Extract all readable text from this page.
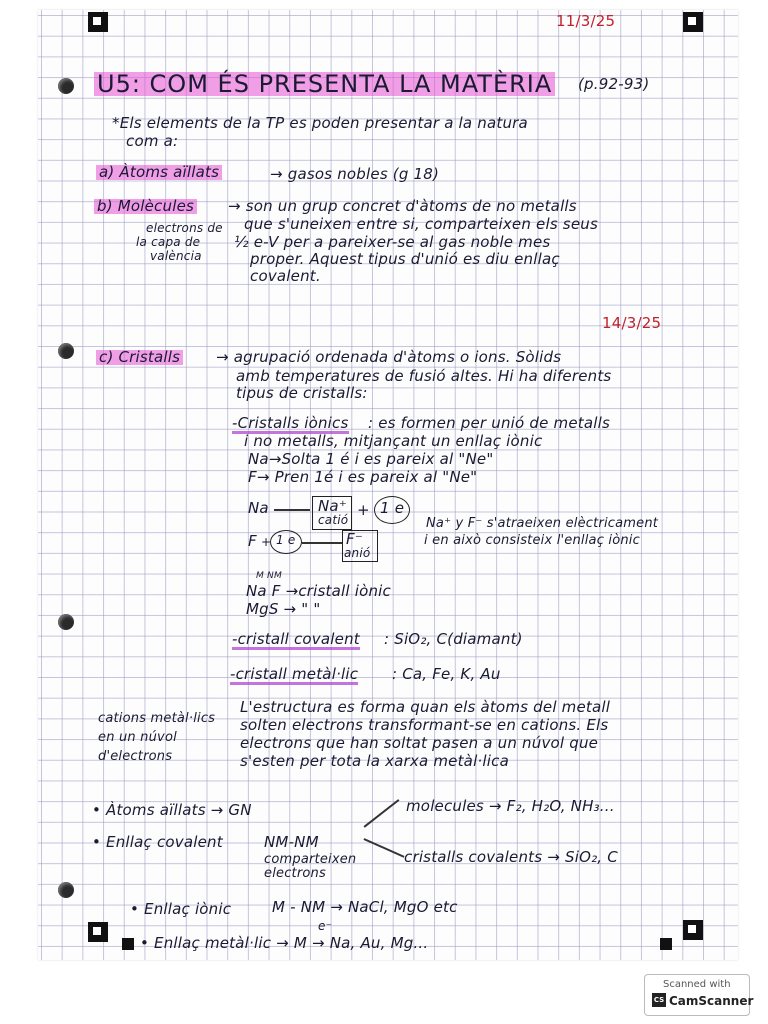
11/3/25
U5: COM ÉS PRESENTA LA MATÈRIA (p.92-93)
*Els elements de la TP es poden presentar a la natura
com a:
a) Àtoms aïllats	→ gasos nobles (g 18)
b) Molècules → son un grup concret d'àtoms de no metalls
que s'uneixen entre si, comparteixen els seus
½ e-V per a pareixer-se al gas noble mes
proper. Aquest tipus d'unió es diu enllaç
covalent.
electrons de
la capa de
valència
14/3/25
c) Cristalls → agrupació ordenada d'àtoms o ions. Sòlids
amb temperatures de fusió altes. Hi ha diferents
tipus de cristalls:
-Cristalls iònics : es formen per unió de metalls
i no metalls, mitjançant un enllaç iònic
Na→Solta 1 é i es pareix al "Ne"
F→ Pren 1é i es pareix al "Ne"
Na	Na⁺
catió
+ 1 e
F + 1 e	F⁻
anió
Na⁺ y F⁻ s'atraeixen elèctricament
i en això consisteix l'enllaç iònic
M NM
Na F →cristall iònic
MgS → " "
-cristall covalent : SiO₂, C(diamant)
-cristall metàl·lic : Ca, Fe, K, Au
L'estructura es forma quan els àtoms del metall
solten electrons transformant-se en cations. Els
electrons que han soltat pasen a un núvol que
s'esten per tota la xarxa metàl·lica
cations metàl·lics
en un núvol
d'electrons
• Àtoms aïllats → GN
• Enllaç covalent	NM-NM
comparteixen
electrons
molecules → F₂, H₂O, NH₃...
cristalls covalents → SiO₂, C
• Enllaç iònic	M - NM → NaCl, MgO etc
e⁻
• Enllaç metàl·lic → M → Na, Au, Mg...
Scanned with
CS CamScanner
